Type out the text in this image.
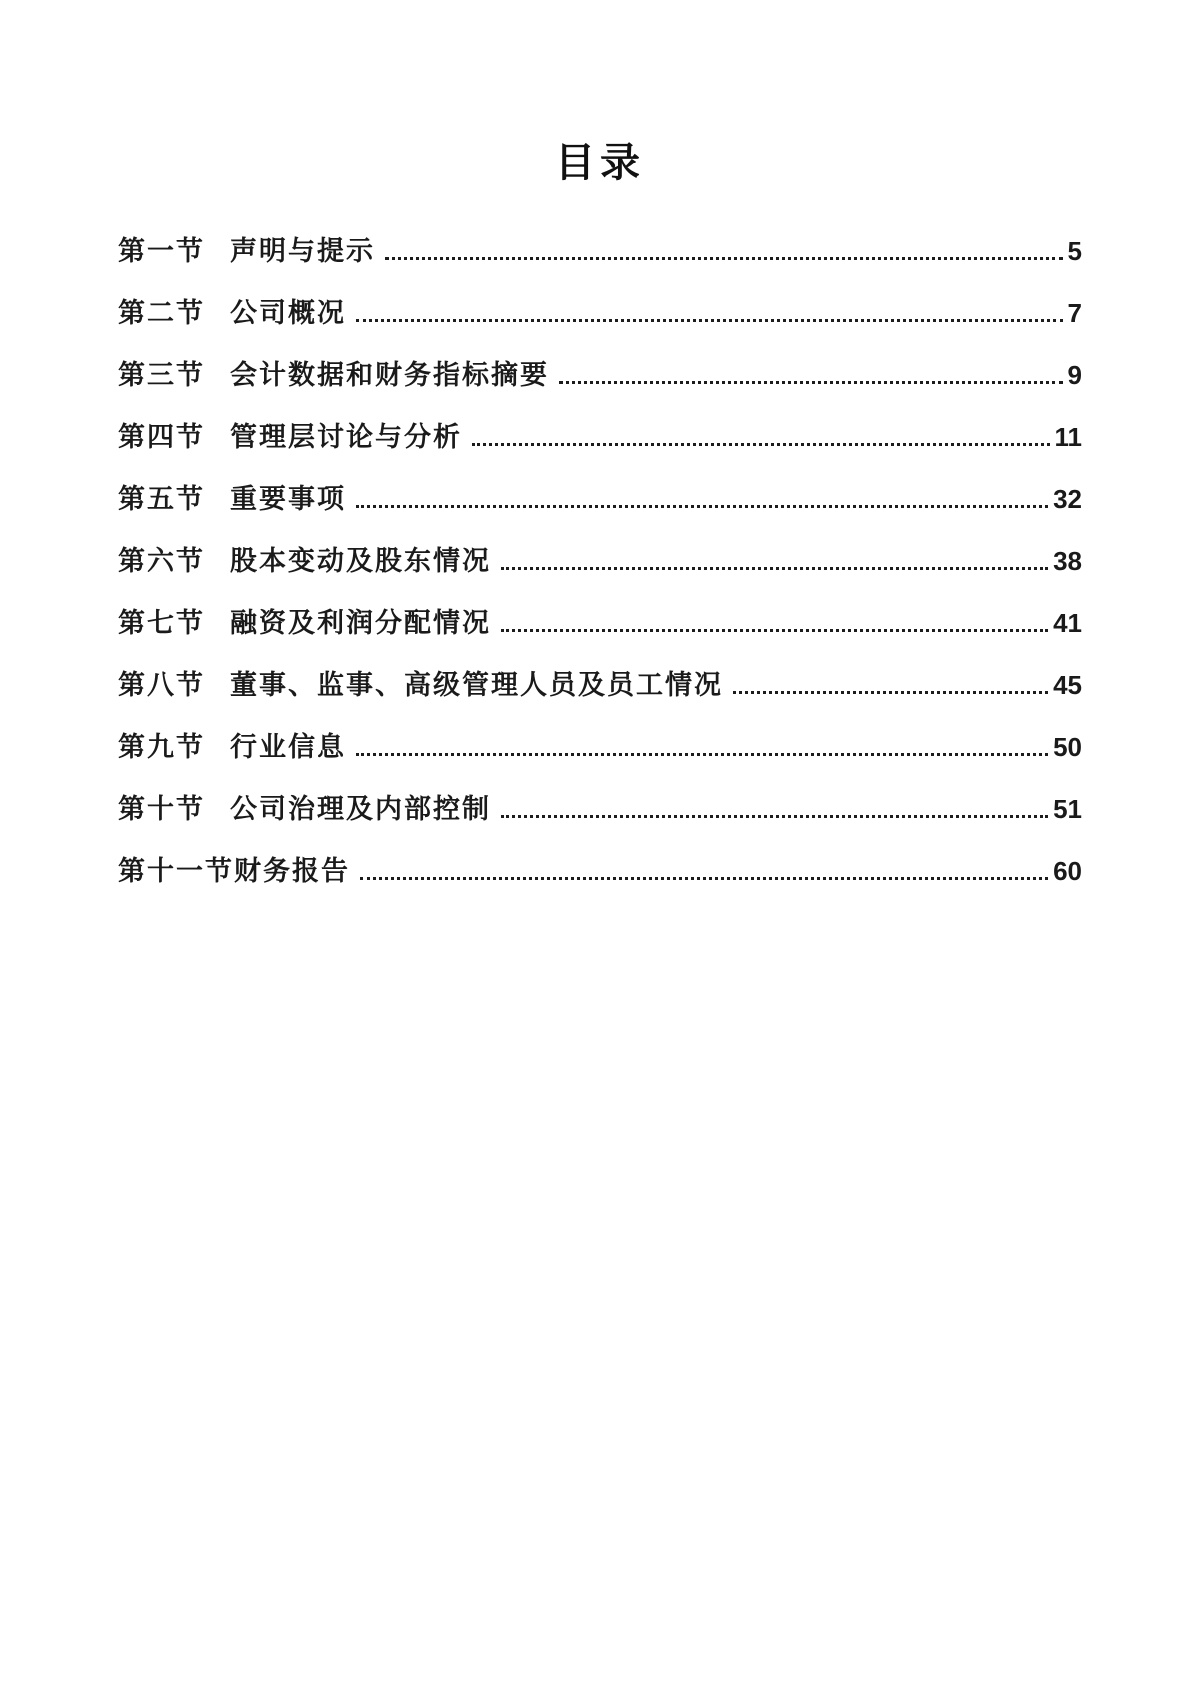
目录
第一节 声明与提示	5
第二节 公司概况	7
第三节 会计数据和财务指标摘要	9
第四节 管理层讨论与分析	11
第五节 重要事项	32
第六节 股本变动及股东情况	38
第七节 融资及利润分配情况	41
第八节 董事、监事、高级管理人员及员工情况	45
第九节 行业信息	50
第十节 公司治理及内部控制	51
第十一节 财务报告	60
